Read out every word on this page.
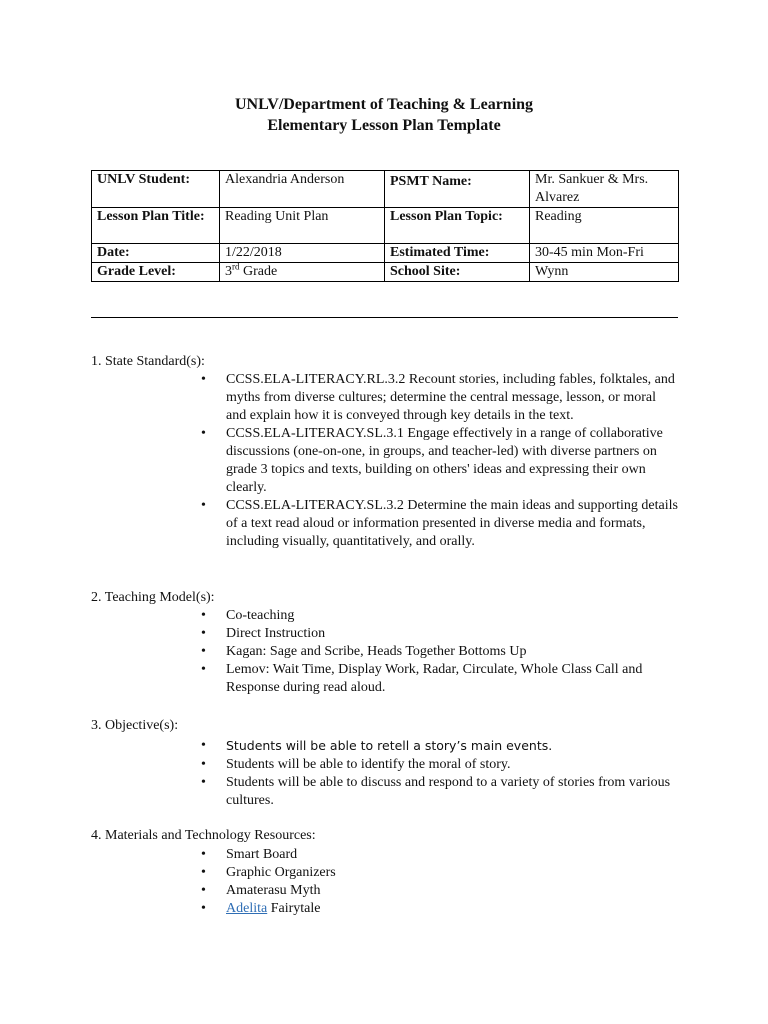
UNLV/Department of Teaching & Learning
Elementary Lesson Plan Template
UNLV Student:	Alexandria Anderson	PSMT Name:	Mr. Sankuer & Mrs. Alvarez
Lesson Plan Title:	Reading Unit Plan	Lesson Plan Topic:	Reading
Date:	1/22/2018	Estimated Time:	30-45 min Mon-Fri
Grade Level:	3rd Grade	School Site:	Wynn
1. State Standard(s):
•	CCSS.ELA-LITERACY.RL.3.2 Recount stories, including fables, folktales, and myths from diverse cultures; determine the central message, lesson, or moral and explain how it is conveyed through key details in the text.
•	CCSS.ELA-LITERACY.SL.3.1 Engage effectively in a range of collaborative discussions (one-on-one, in groups, and teacher-led) with diverse partners on grade 3 topics and texts, building on others' ideas and expressing their own clearly.
•	CCSS.ELA-LITERACY.SL.3.2 Determine the main ideas and supporting details of a text read aloud or information presented in diverse media and formats, including visually, quantitatively, and orally.
2. Teaching Model(s):
•	Co-teaching
•	Direct Instruction
•	Kagan: Sage and Scribe, Heads Together Bottoms Up
•	Lemov: Wait Time, Display Work, Radar, Circulate, Whole Class Call and Response during read aloud.
3. Objective(s):
•	Students will be able to retell a story’s main events.
•	Students will be able to identify the moral of story.
•	Students will be able to discuss and respond to a variety of stories from various cultures.
4. Materials and Technology Resources:
•	Smart Board
•	Graphic Organizers
•	Amaterasu Myth
•	Adelita Fairytale
